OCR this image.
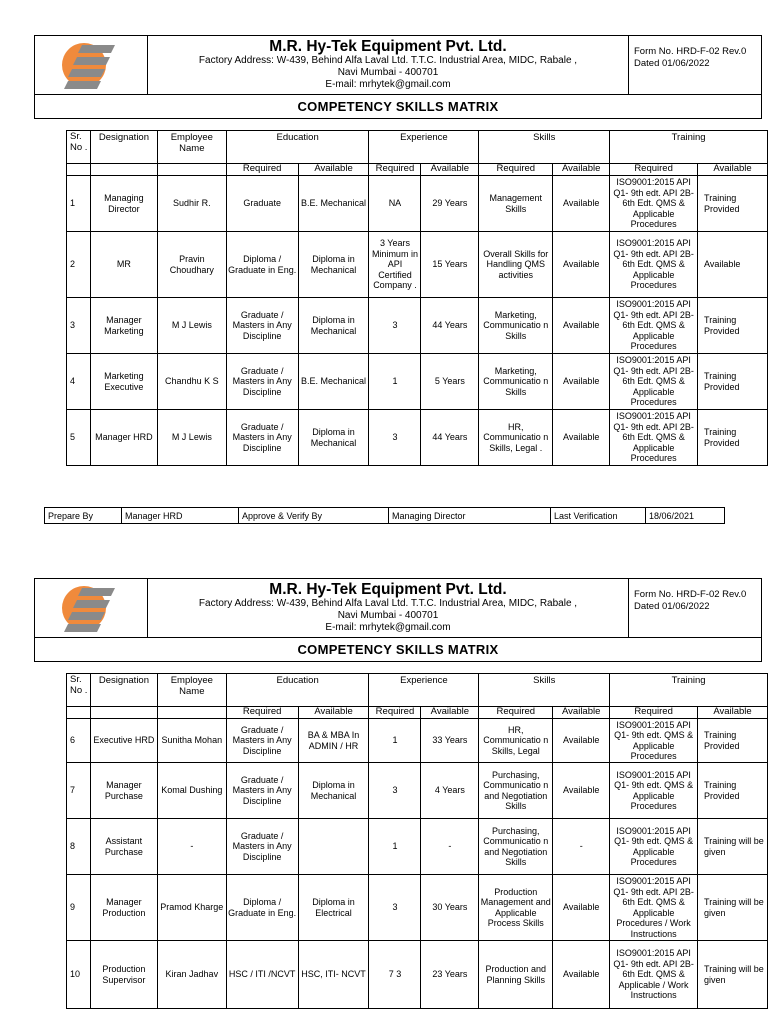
M.R. Hy-Tek Equipment Pvt. Ltd.
Factory Address: W-439, Behind Alfa Laval Ltd. T.T.C. Industrial Area, MIDC, Rabale ,
Navi Mumbai - 400701
E-mail: mrhytek@gmail.com
Form No. HRD-F-02 Rev.0
Dated 01/06/2022
COMPETENCY SKILLS MATRIX
Sr. No .	Designation	Employee Name	Education		Experience		Skills		Training	
			Required	Available	Required	Available	Required	Available	Required	Available
1	Managing Director	Sudhir R.	Graduate	B.E. Mechanical	NA	29 Years	Management Skills	Available	ISO9001:2015 API Q1- 9th edt. API 2B-6th Edt. QMS & Applicable Procedures	Training Provided
2	MR	Pravin Choudhary	Diploma / Graduate in Eng.	Diploma in Mechanical	3 Years Minimum in API Certified Company .	15 Years	Overall Skills for Handling QMS activities	Available	ISO9001:2015 API Q1- 9th edt. API 2B-6th Edt. QMS & Applicable Procedures	Available
3	Manager Marketing	M J Lewis	Graduate / Masters in Any Discipline	Diploma in Mechanical	3	44 Years	Marketing, Communicatio n Skills	Available	ISO9001:2015 API Q1- 9th edt. API 2B-6th Edt. QMS & Applicable Procedures	Training Provided
4	Marketing Executive	Chandhu K S	Graduate / Masters in Any Discipline	B.E. Mechanical	1	5 Years	Marketing, Communicatio n Skills	Available	ISO9001:2015 API Q1- 9th edt. API 2B-6th Edt. QMS & Applicable Procedures	Training Provided
5	Manager HRD	M J Lewis	Graduate / Masters in Any Discipline	Diploma in Mechanical	3	44 Years	HR, Communicatio n Skills, Legal .	Available	ISO9001:2015 API Q1- 9th edt. API 2B-6th Edt. QMS & Applicable Procedures	Training Provided
Prepare By	Manager HRD	Approve & Verify By	Managing Director	Last Verification	18/06/2021
M.R. Hy-Tek Equipment Pvt. Ltd.
Factory Address: W-439, Behind Alfa Laval Ltd. T.T.C. Industrial Area, MIDC, Rabale ,
Navi Mumbai - 400701
E-mail: mrhytek@gmail.com
Form No. HRD-F-02 Rev.0
Dated 01/06/2022
COMPETENCY SKILLS MATRIX
Sr. No .	Designation	Employee Name	Education		Experience		Skills		Training	
			Required	Available	Required	Available	Required	Available	Required	Available
6	Executive HRD	Sunitha Mohan	Graduate / Masters in Any Discipline	BA & MBA In ADMIN / HR	1	33 Years	HR, Communicatio n Skills, Legal	Available	ISO9001:2015 API Q1- 9th edt. QMS & Applicable Procedures	Training Provided
7	Manager Purchase	Komal Dushing	Graduate / Masters in Any Discipline	Diploma in Mechanical	3	4 Years	Purchasing, Communicatio n and Negotiation Skills	Available	ISO9001:2015 API Q1- 9th edt. QMS & Applicable Procedures	Training Provided
8	Assistant Purchase	-	Graduate / Masters in Any Discipline		1	-	Purchasing, Communicatio n and Negotiation Skills	-	ISO9001:2015 API Q1- 9th edt. QMS & Applicable Procedures	Training will be given
9	Manager Production	Pramod Kharge	Diploma / Graduate in Eng.	Diploma in Electrical	3	30 Years	Production Management and Applicable Process Skills	Available	ISO9001:2015 API Q1- 9th edt. API 2B-6th Edt. QMS & Applicable Procedures / Work Instructions	Training will be given
10	Production Supervisor	Kiran Jadhav	HSC / ITI /NCVT	HSC, ITI- NCVT	7 3	23 Years	Production and Planning Skills	Available	ISO9001:2015 API Q1- 9th edt. API 2B-6th Edt. QMS & Applicable / Work Instructions	Training will be given
